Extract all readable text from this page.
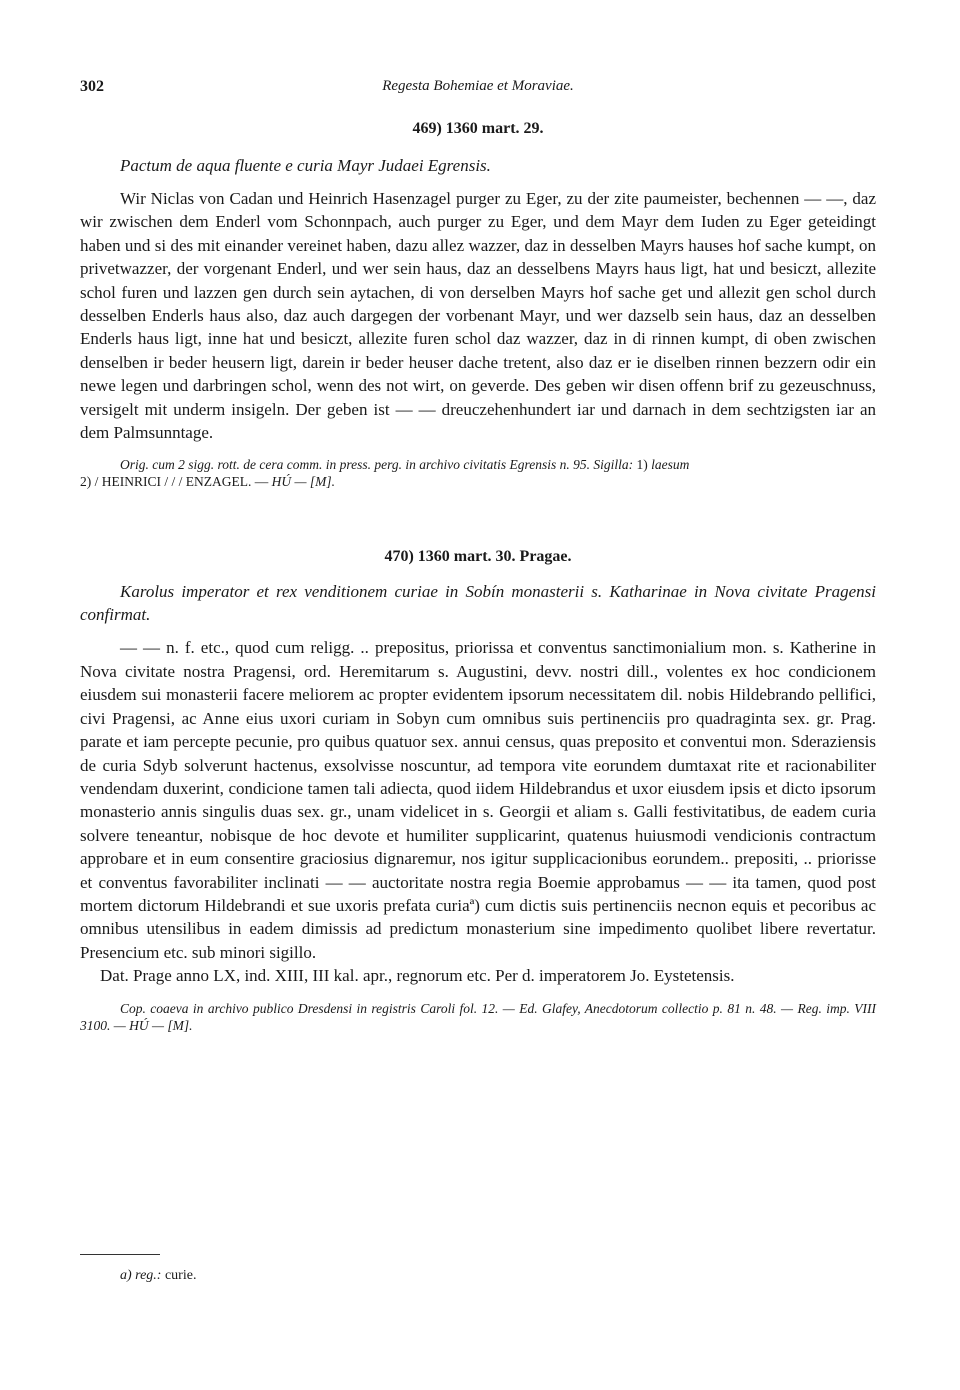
302	Regesta Bohemiae et Moraviae.
469) 1360 mart. 29.
Pactum de aqua fluente e curia Mayr Judaei Egrensis.

Wir Niclas von Cadan und Heinrich Hasenzagel purger zu Eger, zu der zite paumeister, bechennen — —, daz wir zwischen dem Enderl vom Schonnpach, auch purger zu Eger, und dem Mayr dem Iuden zu Eger geteidingt haben und si des mit einander vereinet haben, dazu allez wazzer, daz in desselben Mayrs hauses hof sache kumpt, on privetwazzer, der vorgenant Enderl, und wer sein haus, daz an desselbens Mayrs haus ligt, hat und besiczt, allezite schol furen und lazzen gen durch sein aytachen, di von derselben Mayrs hof sache get und allezit gen schol durch desselben Enderls haus also, daz auch dargegen der vorbenant Mayr, und wer dazselb sein haus, daz an desselben Enderls haus ligt, inne hat und besiczt, allezite furen schol daz wazzer, daz in di rinnen kumpt, di oben zwischen denselben ir beder heusern ligt, darein ir beder heuser dache tretent, also daz er ie diselben rinnen bezzern odir ein newe legen und darbringen schol, wenn des not wirt, on geverde. Des geben wir disen offenn brif zu gezeuschnuss, versigelt mit underm insigeln. Der geben ist — — dreuczehenhundert iar und darnach in dem sechtzigsten iar an dem Palmsunntage.

Orig. cum 2 sigg. rott. de cera comm. in press. perg. in archivo civitatis Egrensis n. 95. Sigilla: 1) laesum
2) / HEINRICI / / / ENZAGEL. — HÚ — [M].
470) 1360 mart. 30. Pragae.
Karolus imperator et rex venditionem curiae in Sobín monasterii s. Katharinae in Nova civitate Pragensi confirmat.

— — n. f. etc., quod cum religg. .. prepositus, priorissa et conventus sanctimonialium mon. s. Katherine in Nova civitate nostra Pragensi, ord. Heremitarum s. Augustini, devv. nostri dill., volentes ex hoc condicionem eiusdem sui monasterii facere meliorem ac propter evidentem ipsorum necessitatem dil. nobis Hildebrando pellifici, civi Pragensi, ac Anne eius uxori curiam in Sobyn cum omnibus suis pertinenciis pro quadraginta sex. gr. Prag. parate et iam percepte pecunie, pro quibus quatuor sex. annui census, quas preposito et conventui mon. Sderaziensis de curia Sdyb solverunt hactenus, exsolvisse noscuntur, ad tempora vite eorundem dumtaxat rite et racionabiliter vendendam duxerint, condicione tamen tali adiecta, quod iidem Hildebrandus et uxor eiusdem ipsis et dicto ipsorum monasterio annis singulis duas sex. gr., unam videlicet in s. Georgii et aliam s. Galli festivitatibus, de eadem curia solvere teneantur, nobisque de hoc devote et humiliter supplicarint, quatenus huiusmodi vendicionis contractum approbare et in eum consentire graciosius dignaremur, nos igitur supplicacionibus eorundem.. prepositi, .. priorisse et conventus favorabiliter inclinati — — auctoritate nostra regia Boemie approbamus — — ita tamen, quod post mortem dictorum Hildebrandi et sue uxoris prefata curiaª) cum dictis suis pertinenciis necnon equis et pecoribus ac omnibus utensilibus in eadem dimissis ad predictum monasterium sine impedimento quolibet libere revertatur. Presencium etc. sub minori sigillo.

Dat. Prage anno LX, ind. XIII, III kal. apr., regnorum etc. Per d. imperatorem Jo. Eystetensis.

Cop. coaeva in archivo publico Dresdensi in registris Caroli fol. 12. — Ed. Glafey, Anecdotorum collectio p. 81 n. 48. — Reg. imp. VIII 3100. — HÚ — [M].
a) reg.: curie.
